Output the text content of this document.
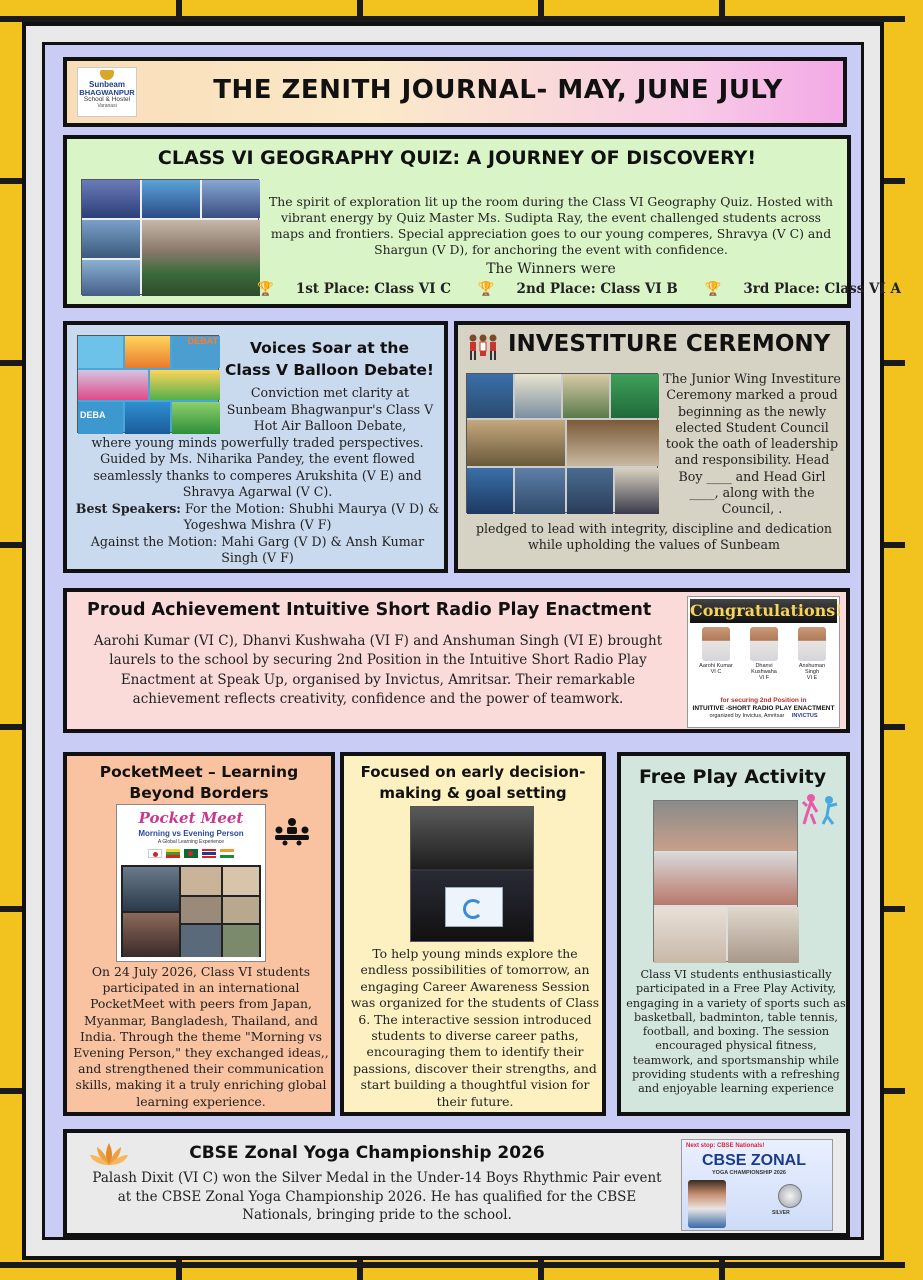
Sunbeam
BHAGWANPUR
School & Hostel
Varanasi
THE ZENITH JOURNAL- MAY, JUNE JULY
CLASS VI GEOGRAPHY QUIZ: A JOURNEY OF DISCOVERY!
The spirit of exploration lit up the room during the Class VI Geography Quiz. Hosted with vibrant energy by Quiz Master Ms. Sudipta Ray, the event challenged students across maps and frontiers. Special appreciation goes to our young comperes, Shravya (V C) and Shargun (V D), for anchoring the event with confidence.
The Winners were
🏆 1st Place: Class VI C 🏆 2nd Place: Class VI B 🏆 3rd Place: Class VI A
DEBAT
DEBA
Voices Soar at the
Class V Balloon Debate!
Conviction met clarity at
Sunbeam Bhagwanpur's Class V
Hot Air Balloon Debate,
where young minds powerfully traded perspectives. Guided by Ms. Niharika Pandey, the event flowed seamlessly thanks to comperes Arukshita (V E) and Shravya Agarwal (V C).
Best Speakers: For the Motion: Shubhi Maurya (V D) & Yogeshwa Mishra (V F)
Against the Motion: Mahi Garg (V D) & Ansh Kumar Singh (V F)
INVESTITURE CEREMONY
The Junior Wing Investiture Ceremony marked a proud beginning as the newly elected Student Council took the oath of leadership and responsibility. Head Boy ____ and Head Girl ____, along with the Council, .
pledged to lead with integrity, discipline and dedication while upholding the values of Sunbeam
Proud Achievement Intuitive Short Radio Play Enactment
Aarohi Kumar (VI C), Dhanvi Kushwaha (VI F) and Anshuman Singh (VI E) brought laurels to the school by securing 2nd Position in the Intuitive Short Radio Play Enactment at Speak Up, organised by Invictus, Amritsar. Their remarkable achievement reflects creativity, confidence and the power of teamwork.
Congratulations!
Aarohi Kumar
VI C
Dhanvi Kushwaha
VI F
Anshuman Singh
VI E
for securing 2nd Position in
INTUITIVE -SHORT RADIO PLAY ENACTMENT
organized by Invictus, Amritsar INVICTUS
PocketMeet – Learning
Beyond Borders
Pocket Meet
Morning vs Evening Person
A Global Learning Experience
On 24 July 2026, Class VI students participated in an international PocketMeet with peers from Japan, Myanmar, Bangladesh, Thailand, and India. Through the theme "Morning vs Evening Person," they exchanged ideas,, and strengthened their communication skills, making it a truly enriching global learning experience.
Focused on early decision-
making & goal setting
To help young minds explore the endless possibilities of tomorrow, an engaging Career Awareness Session was organized for the students of Class 6. The interactive session introduced students to diverse career paths, encouraging them to identify their passions, discover their strengths, and start building a thoughtful vision for their future.
Free Play Activity
Class VI students enthusiastically participated in a Free Play Activity, engaging in a variety of sports such as basketball, badminton, table tennis, football, and boxing. The session encouraged physical fitness, teamwork, and sportsmanship while providing students with a refreshing and enjoyable learning experience
CBSE Zonal Yoga Championship 2026
Palash Dixit (VI C) won the Silver Medal in the Under-14 Boys Rhythmic Pair event at the CBSE Zonal Yoga Championship 2026. He has qualified for the CBSE Nationals, bringing pride to the school.
Next stop: CBSE Nationals!
CBSE ZONAL
YOGA CHAMPIONSHIP 2026
SILVER
